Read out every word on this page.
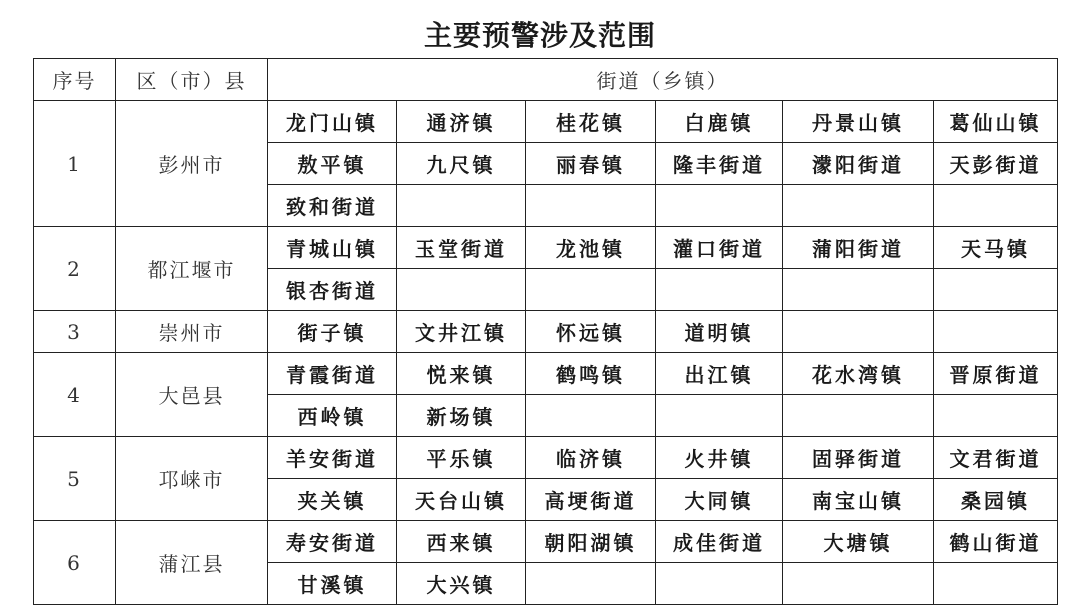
主要预警涉及范围
序号	区（市）县	街道（乡镇）					
1	彭州市	龙门山镇	通济镇	桂花镇	白鹿镇	丹景山镇	葛仙山镇
		敖平镇	九尺镇	丽春镇	隆丰街道	濛阳街道	天彭街道
		致和街道					
2	都江堰市	青城山镇	玉堂街道	龙池镇	灌口街道	蒲阳街道	天马镇
		银杏街道					
3	崇州市	街子镇	文井江镇	怀远镇	道明镇		
4	大邑县	青霞街道	悦来镇	鹤鸣镇	出江镇	花水湾镇	晋原街道
		西岭镇	新场镇				
5	邛崃市	羊安街道	平乐镇	临济镇	火井镇	固驿街道	文君街道
		夹关镇	天台山镇	高埂街道	大同镇	南宝山镇	桑园镇
6	蒲江县	寿安街道	西来镇	朝阳湖镇	成佳街道	大塘镇	鹤山街道
		甘溪镇	大兴镇				
